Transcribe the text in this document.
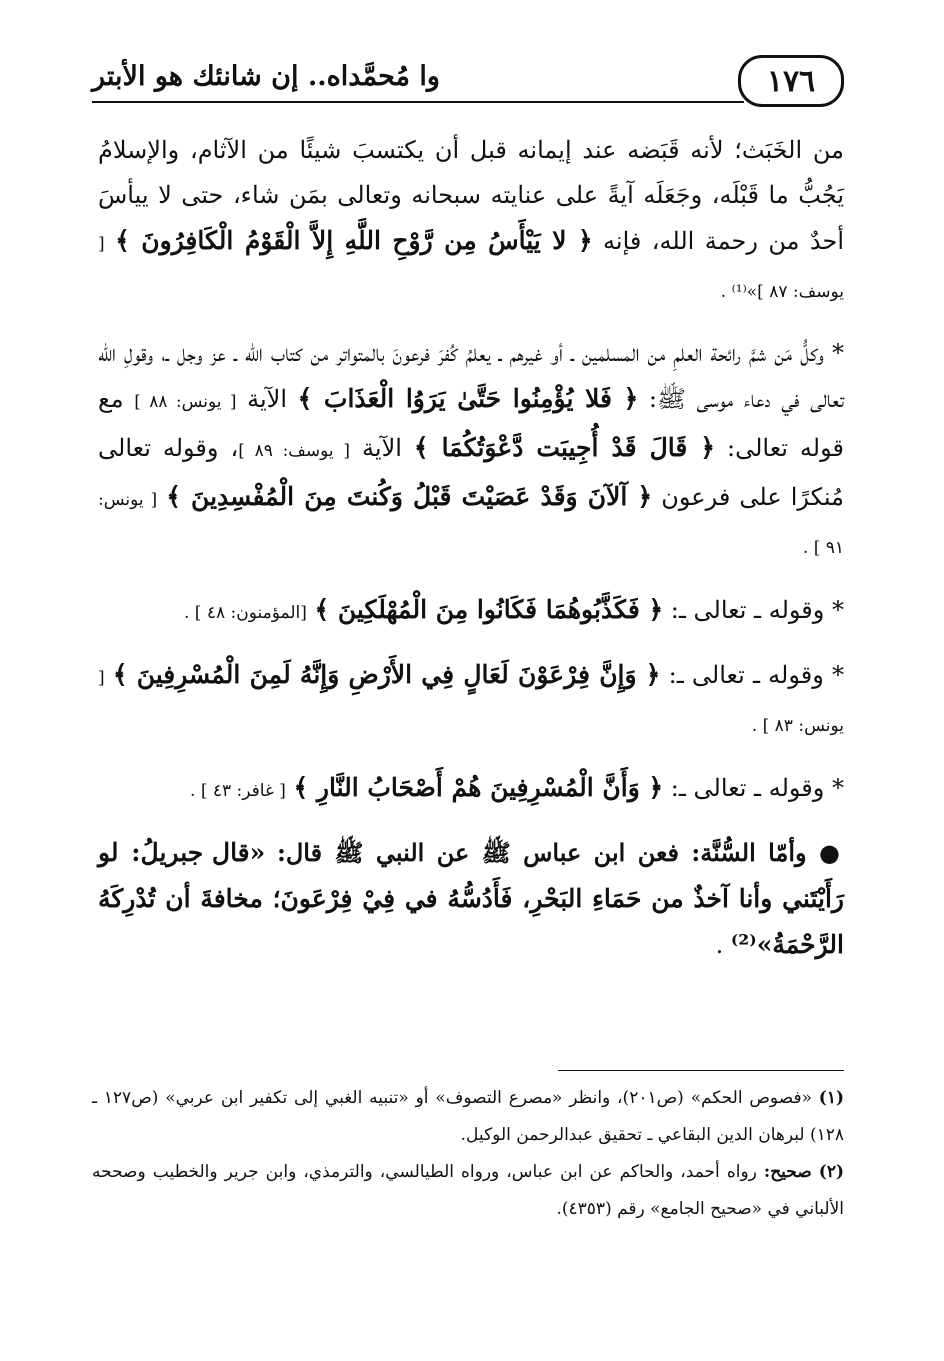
١٧٦
وا مُحمَّداه.. إن شانئك هو الأبتر

من الخَبَث؛ لأنه قَبَضه عند إيمانه قبل أن يكتسبَ شيئًا من الآثام، والإسلامُ يَجُبُّ ما قَبْلَه، وجَعَلَه آيةً على عنايته سبحانه وتعالى بمَن شاء، حتى لا ييأسَ أحدٌ من رحمة الله، فإنه ﴿ لا يَيْأَسُ مِن رَّوْحِ اللَّهِ إِلاَّ الْقَوْمُ الْكَافِرُونَ ﴾ [ يوسف: ٨٧ ]»⁽¹⁾ .

* وكلُّ مَن شمَّ رائحة العلمِ من المسلمين ـ أو غيرهم ـ يعلمُ كُفرَ فرعونَ بالمتواتر من كتاب الله ـ عز وجل ـ، وقولِ الله تعالى في دعاء موسى ﷺ: ﴿ فَلا يُؤْمِنُوا حَتَّىٰ يَرَوُا الْعَذَابَ ﴾ الآية [ يونس: ٨٨ ] مع قوله تعالى: ﴿ قَالَ قَدْ أُجِيبَت دَّعْوَتُكُمَا ﴾ الآية [ يوسف: ٨٩ ]، وقوله تعالى مُنكرًا على فرعون ﴿ آلآنَ وَقَدْ عَصَيْتَ قَبْلُ وَكُنتَ مِنَ الْمُفْسِدِينَ ﴾ [ يونس: ٩١ ] .

* وقوله ـ تعالى ـ: ﴿ فَكَذَّبُوهُمَا فَكَانُوا مِنَ الْمُهْلَكِينَ ﴾ [المؤمنون: ٤٨ ] .

* وقوله ـ تعالى ـ: ﴿ وَإِنَّ فِرْعَوْنَ لَعَالٍ فِي الأَرْضِ وَإِنَّهُ لَمِنَ الْمُسْرِفِينَ ﴾ [ يونس: ٨٣ ] .

* وقوله ـ تعالى ـ: ﴿ وَأَنَّ الْمُسْرِفِينَ هُمْ أَصْحَابُ النَّارِ ﴾ [ غافر: ٤٣ ] .

● وأمّا السُّنَّة: فعن ابن عباس ﷺ عن النبي ﷺ قال: «قال جبريلُ: لو رَأَيْتَني وأنا آخذٌ من حَمَاءِ البَحْرِ، فَأَدُسُّهُ في فِيْ فِرْعَونَ؛ مخافةَ أن تُدْرِكَهُ الرَّحْمَةُ»⁽²⁾ .

(١) «فصوص الحكم» (ص٢٠١)، وانظر «مصرع التصوف» أو «تنبيه الغبي إلى تكفير ابن عربي» (ص١٢٧ ـ ١٢٨) لبرهان الدين البقاعي ـ تحقيق عبدالرحمن الوكيل.

(٢) صحيح: رواه أحمد، والحاكم عن ابن عباس، ورواه الطيالسي، والترمذي، وابن جرير والخطيب وصححه الألباني في «صحيح الجامع» رقم (٤٣٥٣).
